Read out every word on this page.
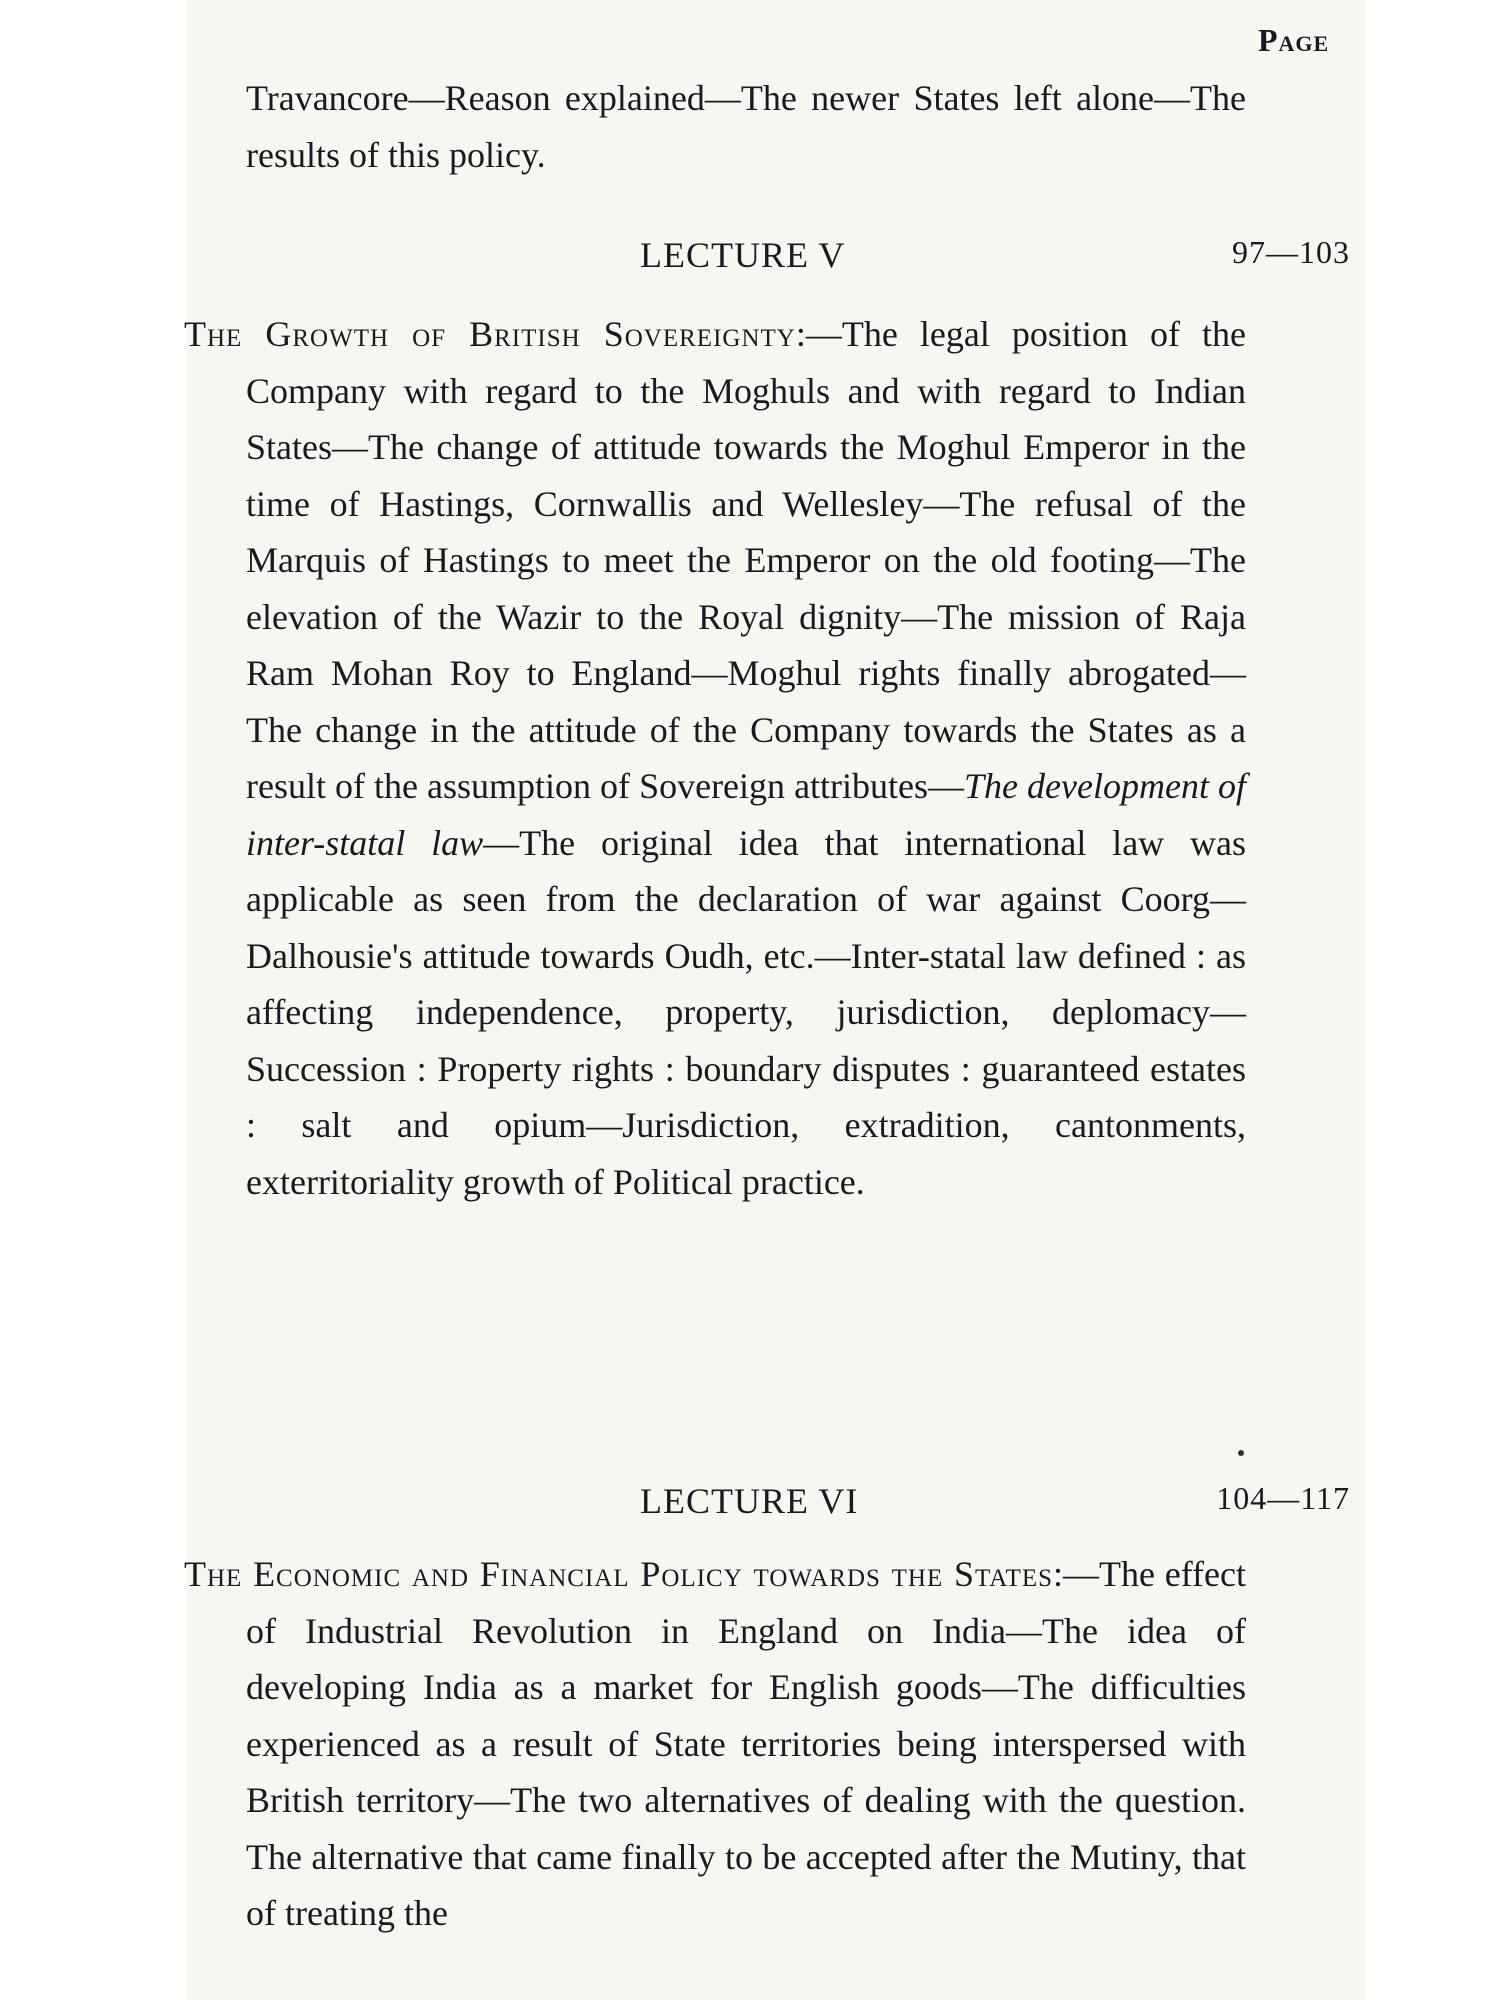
Page
Travancore—Reason explained—The newer States left alone—The results of this policy.
LECTURE V	97—103
The Growth of British Sovereignty:—The legal position of the Company with regard to the Moghuls and with regard to Indian States—The change of attitude towards the Moghul Emperor in the time of Hastings, Cornwallis and Wellesley—The refusal of the Marquis of Hastings to meet the Emperor on the old footing—The elevation of the Wazir to the Royal dignity—The mission of Raja Ram Mohan Roy to England—Moghul rights finally abrogated—The change in the attitude of the Company towards the States as a result of the assumption of Sovereign attributes—The development of inter-statal law—The original idea that international law was applicable as seen from the declaration of war against Coorg—Dalhousie's attitude towards Oudh, etc.—Inter-statal law defined : as affecting independence, property, jurisdiction, deplomacy—Succession : Property rights : boundary disputes : guaranteed estates : salt and opium—Jurisdiction, extradition, cantonments, exterritoriality growth of Political practice.
LECTURE VI	104—117
The Economic and Financial Policy towards the States:—The effect of Industrial Revolution in England on India—The idea of developing India as a market for English goods—The difficulties experienced as a result of State territories being interspersed with British territory—The two alternatives of dealing with the question. The alternative that came finally to be accepted after the Mutiny, that of treating the
